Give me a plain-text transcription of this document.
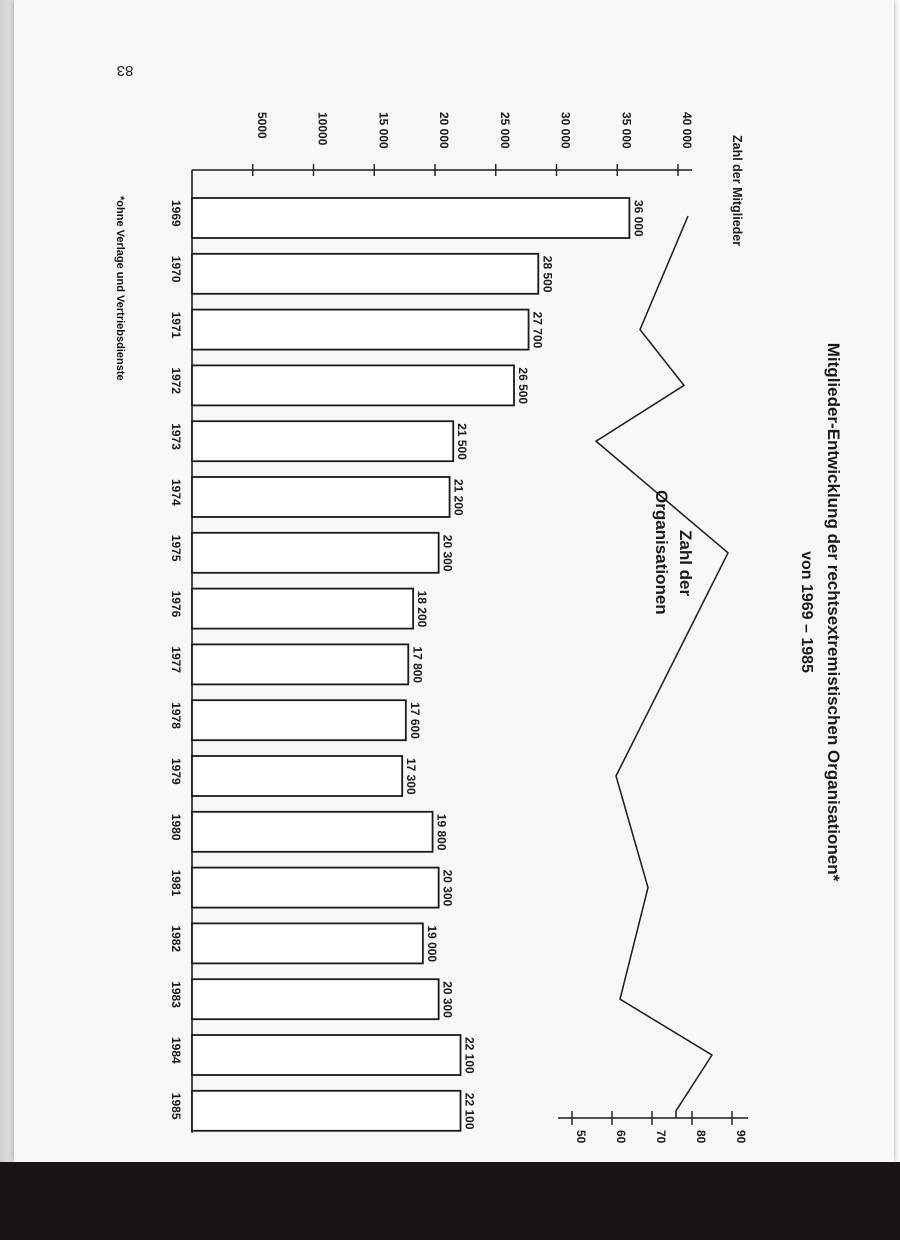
83
*ohne Verlage und Vertriebsdienste
Mitglieder-Entwicklung der rechtsextremistischen Organisationen*
von 1969 – 1985
Zahl der Mitglieder
5000	10000	15 000	20 000	25 000	30 000	35 000	40 000
36 000
1969
28 500
1970
27 700
1971
26 500
1972
21 500
1973
21 200
1974
20 300
1975
18 200
1976
17 800
1977
17 600
1978
17 300
1979
19 800
1980
20 300
1981
19 000
1982
20 300
1983
22 100
1984
22 100
1985
50 60 70 80 90
Zahl der
Organisationen
